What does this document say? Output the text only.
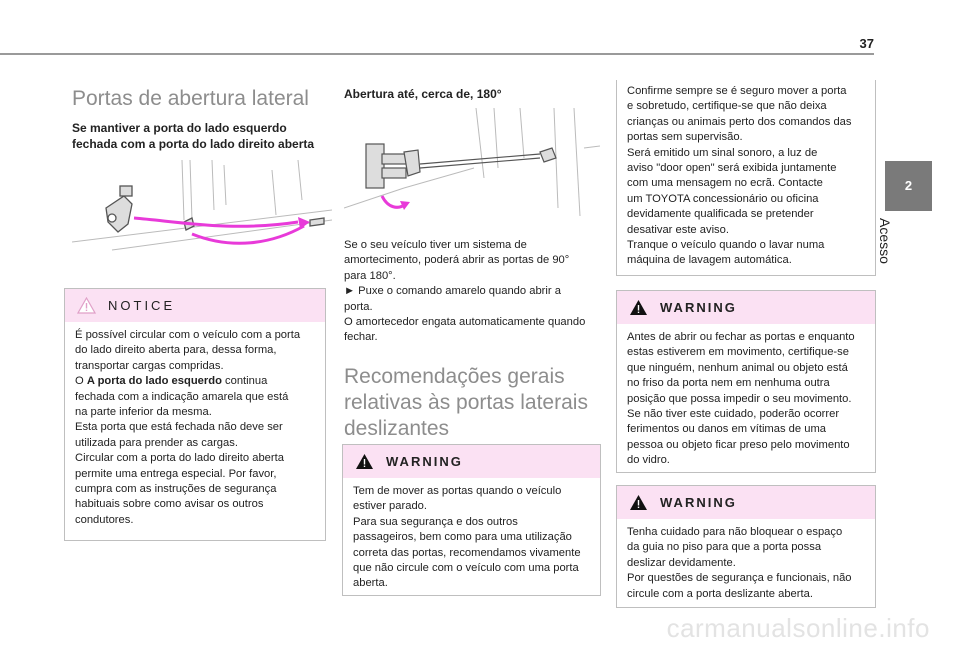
37
2
Acesso
Portas de abertura lateral

Se mantiver a porta do lado esquerdo fechada com a porta do lado direito aberta

NOTICE

É possível circular com o veículo com a porta

do lado direito aberta para, dessa forma,

transportar cargas compridas.

O A porta do lado esquerdo continua

fechada com a indicação amarela que está

na parte inferior da mesma.

Esta porta que está fechada não deve ser

utilizada para prender as cargas.

Circular com a porta do lado direito aberta

permite uma entrega especial. Por favor,

cumpra com as instruções de segurança

habituais sobre como avisar os outros

condutores.

Abertura até, cerca de, 180°

Se o seu veículo tiver um sistema de

amortecimento, poderá abrir as portas de 90°

para 180°.

► Puxe o comando amarelo quando abrir a

porta.

O amortecedor engata automaticamente quando

fechar.

Recomendações gerais
relativas às portas laterais
deslizantes
WARNING

Tem de mover as portas quando o veículo

estiver parado.

Para sua segurança e dos outros

passageiros, bem como para uma utilização

correta das portas, recomendamos vivamente

que não circule com o veículo com uma porta

aberta.

Confirme sempre se é seguro mover a porta

e sobretudo, certifique-se que não deixa

crianças ou animais perto dos comandos das

portas sem supervisão.

Será emitido um sinal sonoro, a luz de

aviso "door open" será exibida juntamente

com uma mensagem no ecrã. Contacte

um TOYOTA concessionário ou oficina

devidamente qualificada se pretender

desativar este aviso.

Tranque o veículo quando o lavar numa

máquina de lavagem automática.

WARNING

Antes de abrir ou fechar as portas e enquanto

estas estiverem em movimento, certifique-se

que ninguém, nenhum animal ou objeto está

no friso da porta nem em nenhuma outra

posição que possa impedir o seu movimento.

Se não tiver este cuidado, poderão ocorrer

ferimentos ou danos em vítimas de uma

pessoa ou objeto ficar preso pelo movimento

do vidro.

WARNING

Tenha cuidado para não bloquear o espaço

da guia no piso para que a porta possa

deslizar devidamente.

Por questões de segurança e funcionais, não

circule com a porta deslizante aberta.

carmanualsonline.info
